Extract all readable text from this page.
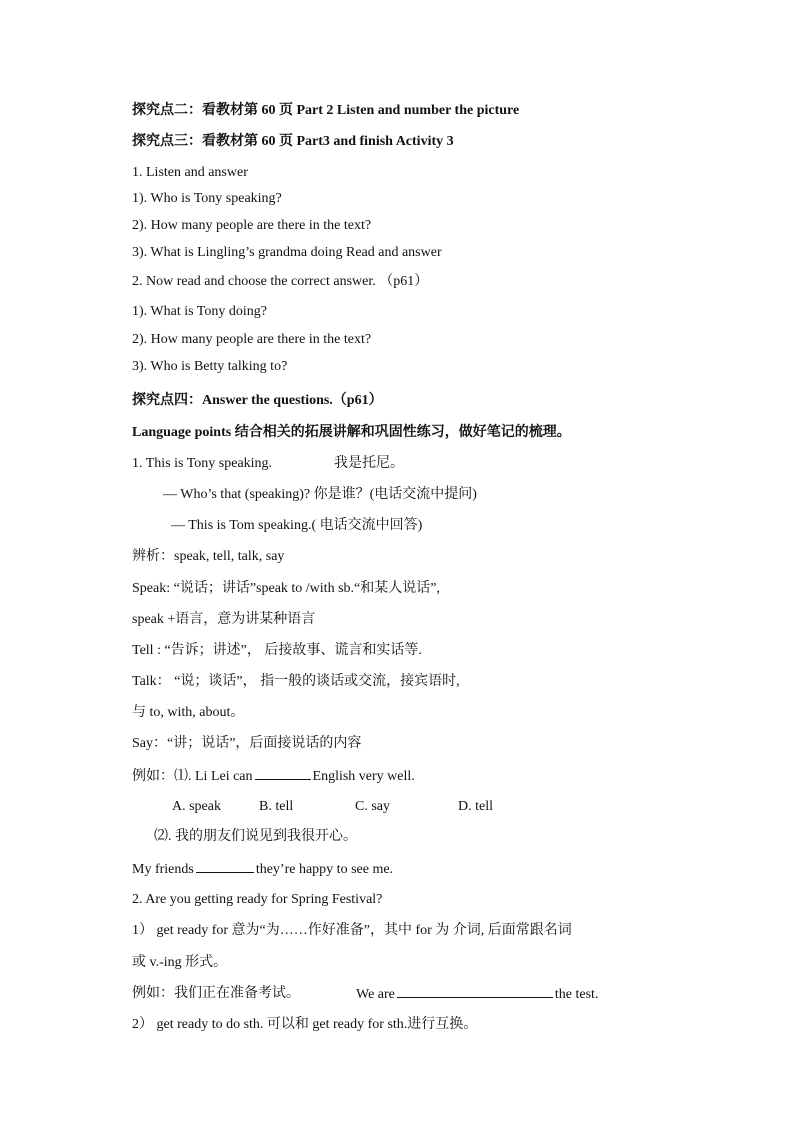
探究点二：看教材第 60 页 Part 2 Listen and number the picture
探究点三：看教材第 60 页 Part3 and finish Activity 3
1. Listen and answer
1). Who is Tony speaking?
2). How many people are there in the text?
3). What is Lingling’s grandma doing Read and answer
2. Now read and choose the correct answer. （p61）
1). What is Tony doing?
2). How many people are there in the text?
3). Who is Betty talking to?
探究点四：Answer the questions.（p61）
Language points 结合相关的拓展讲解和巩固性练习，做好笔记的梳理。
1. This is Tony speaking.	我是托尼。
— Who’s that (speaking)? 你是谁？(电话交流中提问)
— This is Tom speaking.( 电话交流中回答)
辨析：speak, tell, talk, say
Speak: “说话；讲话”speak to /with sb.“和某人说话”,
speak +语言，意为讲某种语言
Tell : “告诉；讲述”， 后接故事、谎言和实话等.
Talk： “说；谈话”， 指一般的谈话或交流，接宾语时,
与 to, with, about。
Say：“讲；说话”，后面接说话的内容
例如：⑴. Li Lei can	English very well.
A. speak	B. tell	C. say	D. tell
⑵. 我的朋友们说见到我很开心。
My friends	they’re happy to see me.
2. Are you getting ready for Spring Festival?
1） get ready for 意为“为……作好准备”，其中 for 为 介词, 后面常跟名词
或 v.-ing 形式。
例如：我们正在准备考试。	We are	the test.
2） get ready to do sth. 可以和 get ready for sth.进行互换。
